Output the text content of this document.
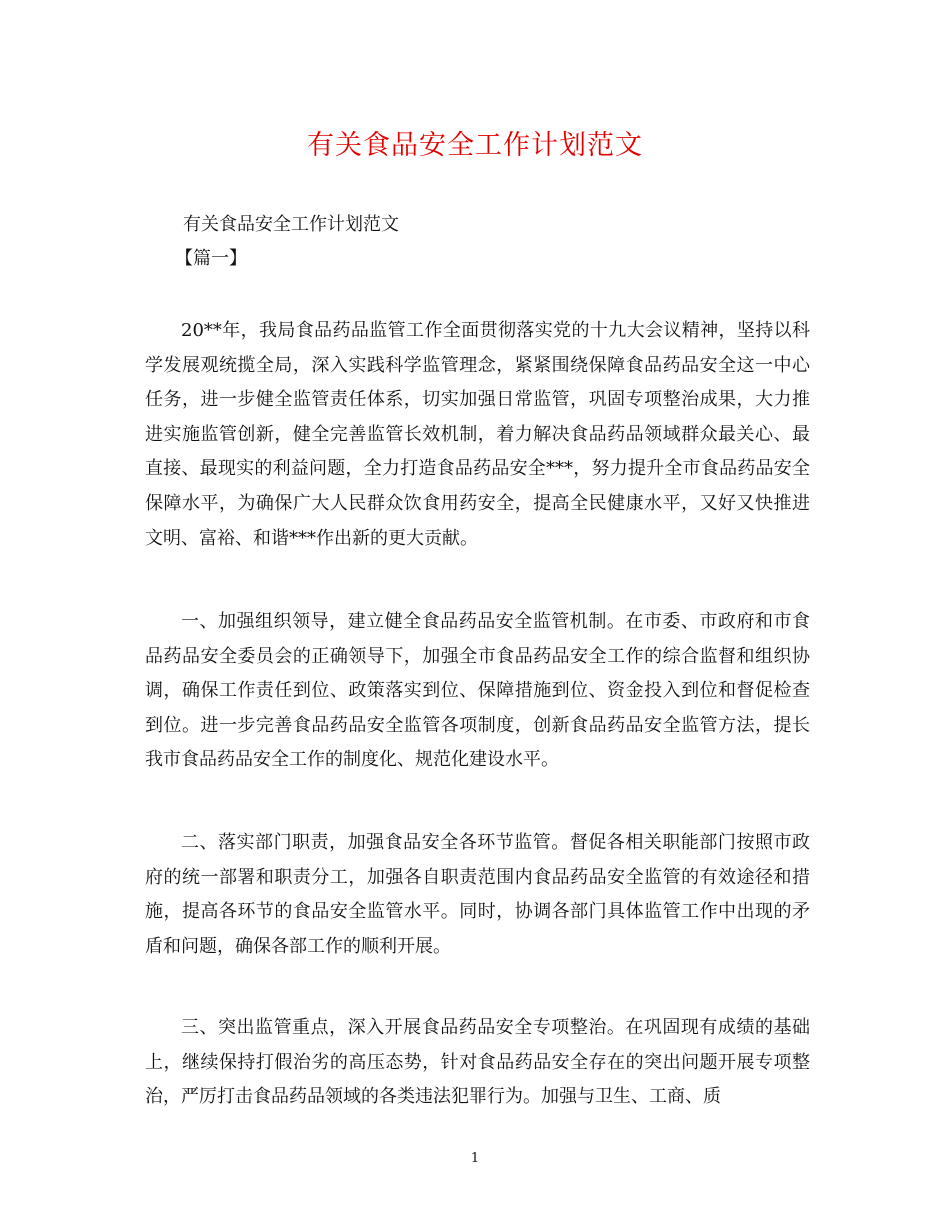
有关食品安全工作计划范文
有关食品安全工作计划范文
【篇一】

20**年，我局食品药品监管工作全面贯彻落实党的十九大会议精神，坚持以科学发展观统揽全局，深入实践科学监管理念，紧紧围绕保障食品药品安全这一中心任务，进一步健全监管责任体系，切实加强日常监管，巩固专项整治成果，大力推进实施监管创新，健全完善监管长效机制，着力解决食品药品领域群众最关心、最直接、最现实的利益问题，全力打造食品药品安全***，努力提升全市食品药品安全保障水平，为确保广大人民群众饮食用药安全，提高全民健康水平，又好又快推进文明、富裕、和谐***作出新的更大贡献。

一、加强组织领导，建立健全食品药品安全监管机制。在市委、市政府和市食品药品安全委员会的正确领导下，加强全市食品药品安全工作的综合监督和组织协调，确保工作责任到位、政策落实到位、保障措施到位、资金投入到位和督促检查到位。进一步完善食品药品安全监管各项制度，创新食品药品安全监管方法，提长我市食品药品安全工作的制度化、规范化建设水平。

二、落实部门职责，加强食品安全各环节监管。督促各相关职能部门按照市政府的统一部署和职责分工，加强各自职责范围内食品药品安全监管的有效途径和措施，提高各环节的食品安全监管水平。同时，协调各部门具体监管工作中出现的矛盾和问题，确保各部工作的顺利开展。

三、突出监管重点，深入开展食品药品安全专项整治。在巩固现有成绩的基础上，继续保持打假治劣的高压态势，针对食品药品安全存在的突出问题开展专项整治，严厉打击食品药品领域的各类违法犯罪行为。加强与卫生、工商、质

1
